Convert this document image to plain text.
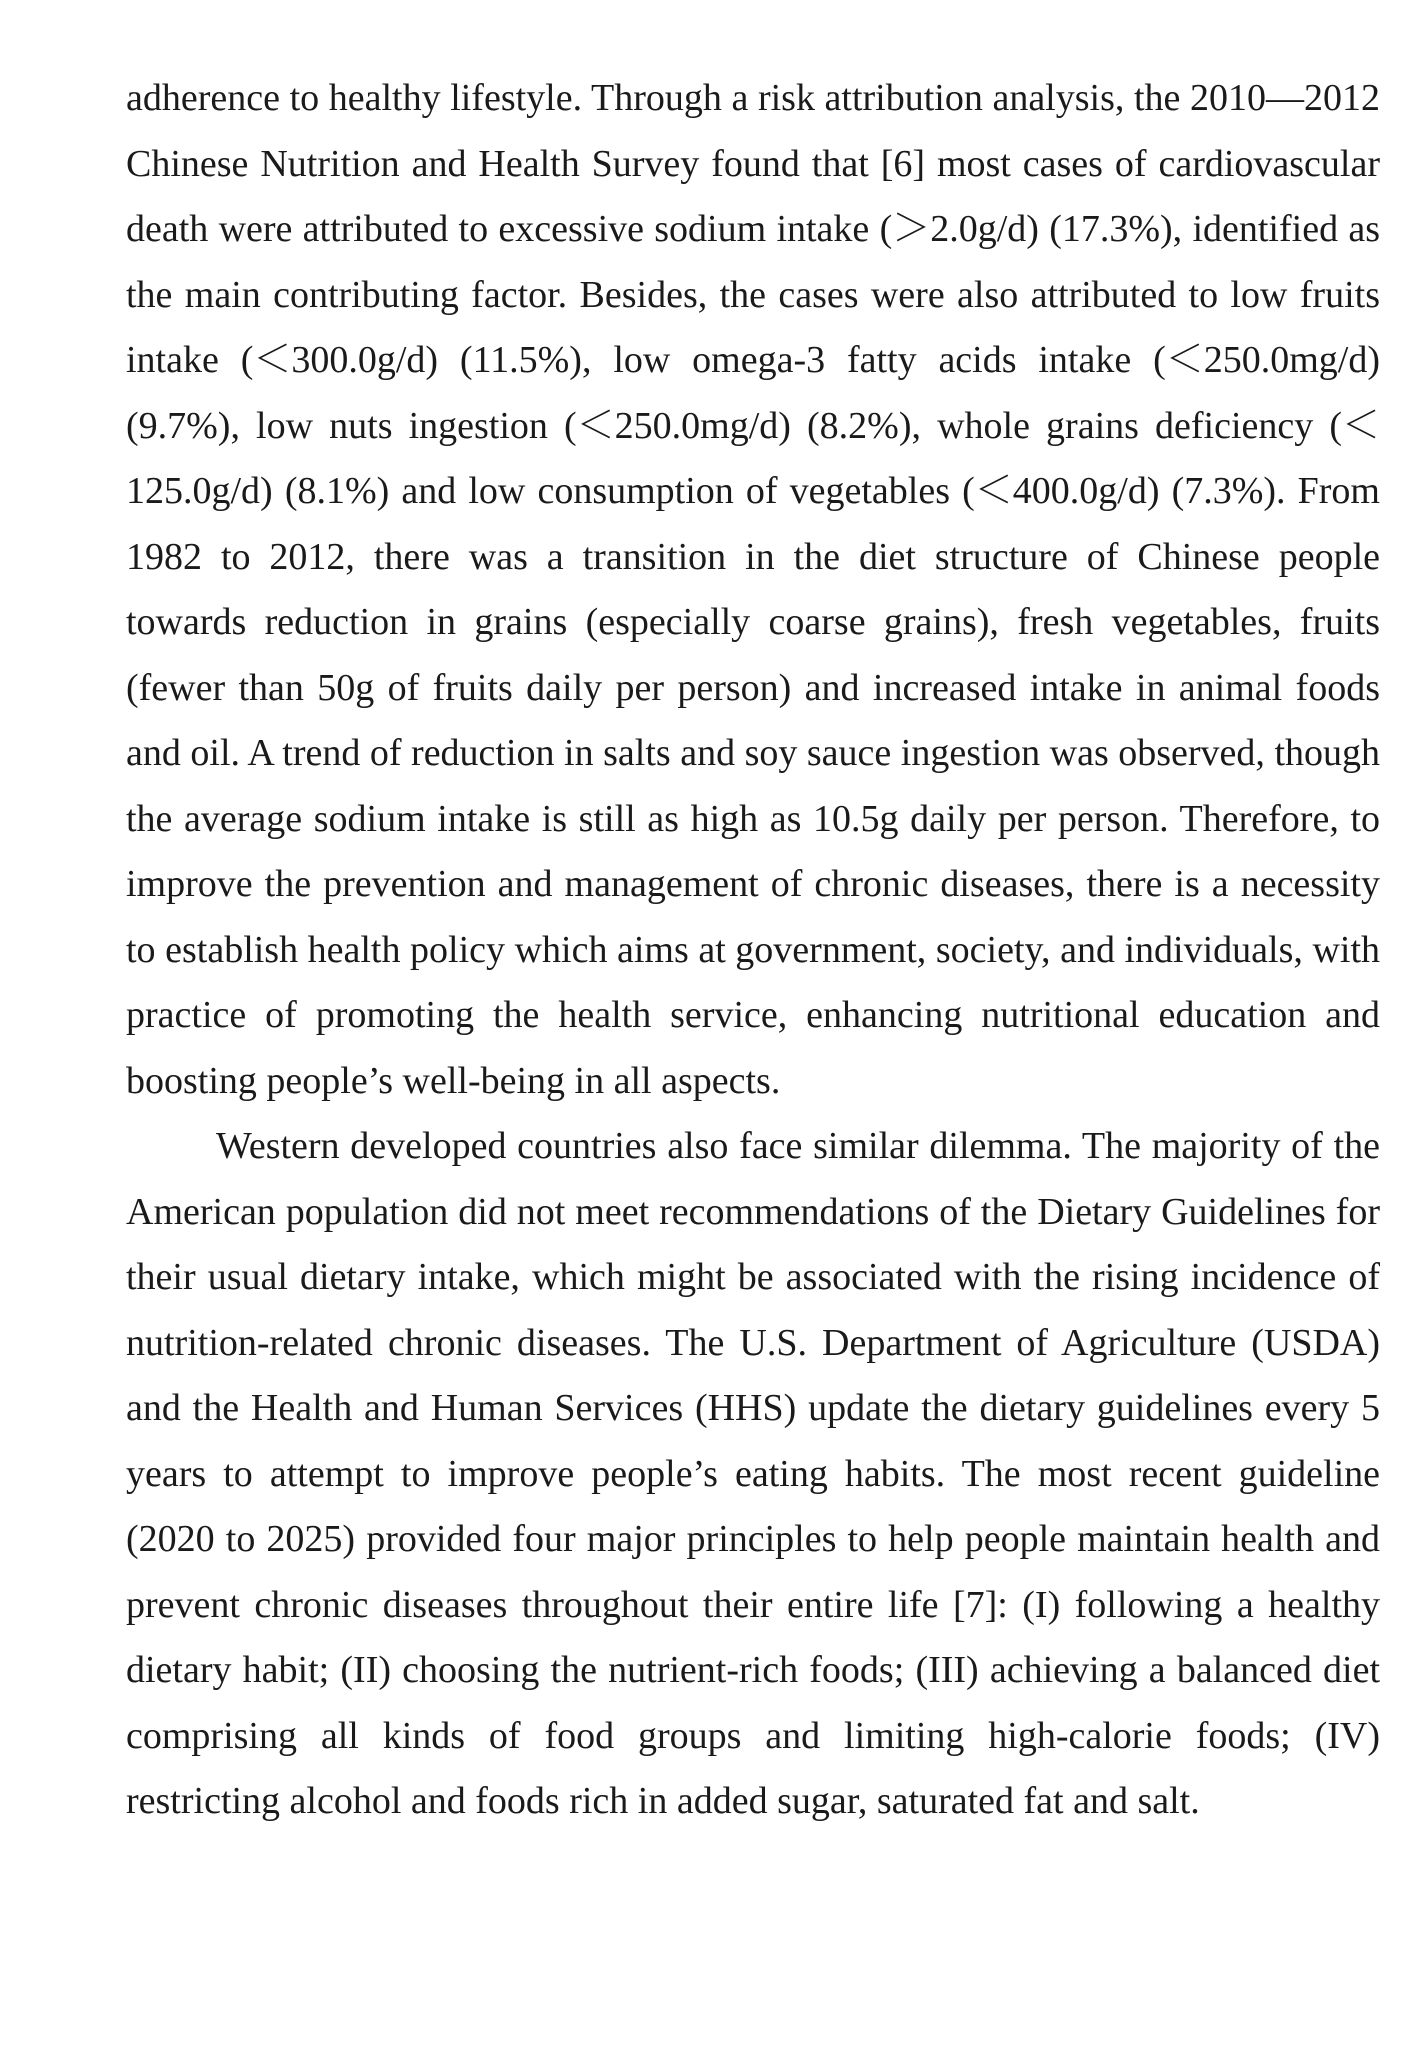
adherence to healthy lifestyle. Through a risk attribution analysis, the 2010—2012 Chinese Nutrition and Health Survey found that [6] most cases of cardiovascular death were attributed to excessive sodium intake (＞2.0g/d) (17.3%), identified as the main contributing factor. Besides, the cases were also attributed to low fruits intake (＜300.0g/d) (11.5%), low omega-3 fatty acids intake (＜250.0mg/d) (9.7%), low nuts ingestion (＜250.0mg/d) (8.2%), whole grains deficiency (＜125.0g/d) (8.1%) and low consumption of vegetables (＜400.0g/d) (7.3%). From 1982 to 2012, there was a transition in the diet structure of Chinese people towards reduction in grains (especially coarse grains), fresh vegetables, fruits (fewer than 50g of fruits daily per person) and increased intake in animal foods and oil. A trend of reduction in salts and soy sauce ingestion was observed, though the average sodium intake is still as high as 10.5g daily per person. Therefore, to improve the prevention and management of chronic diseases, there is a necessity to establish health policy which aims at government, society, and individuals, with practice of promoting the health service, enhancing nutritional education and boosting people’s well-being in all aspects.

Western developed countries also face similar dilemma. The majority of the American population did not meet recommendations of the Dietary Guidelines for their usual dietary intake, which might be associated with the rising incidence of nutrition-related chronic diseases. The U.S. Department of Agriculture (USDA) and the Health and Human Services (HHS) update the dietary guidelines every 5 years to attempt to improve people’s eating habits. The most recent guideline (2020 to 2025) provided four major principles to help people maintain health and prevent chronic diseases throughout their entire life [7]: (I) following a healthy dietary habit; (II) choosing the nutrient-rich foods; (III) achieving a balanced diet comprising all kinds of food groups and limiting high-calorie foods; (IV) restricting alcohol and foods rich in added sugar, saturated fat and salt.
